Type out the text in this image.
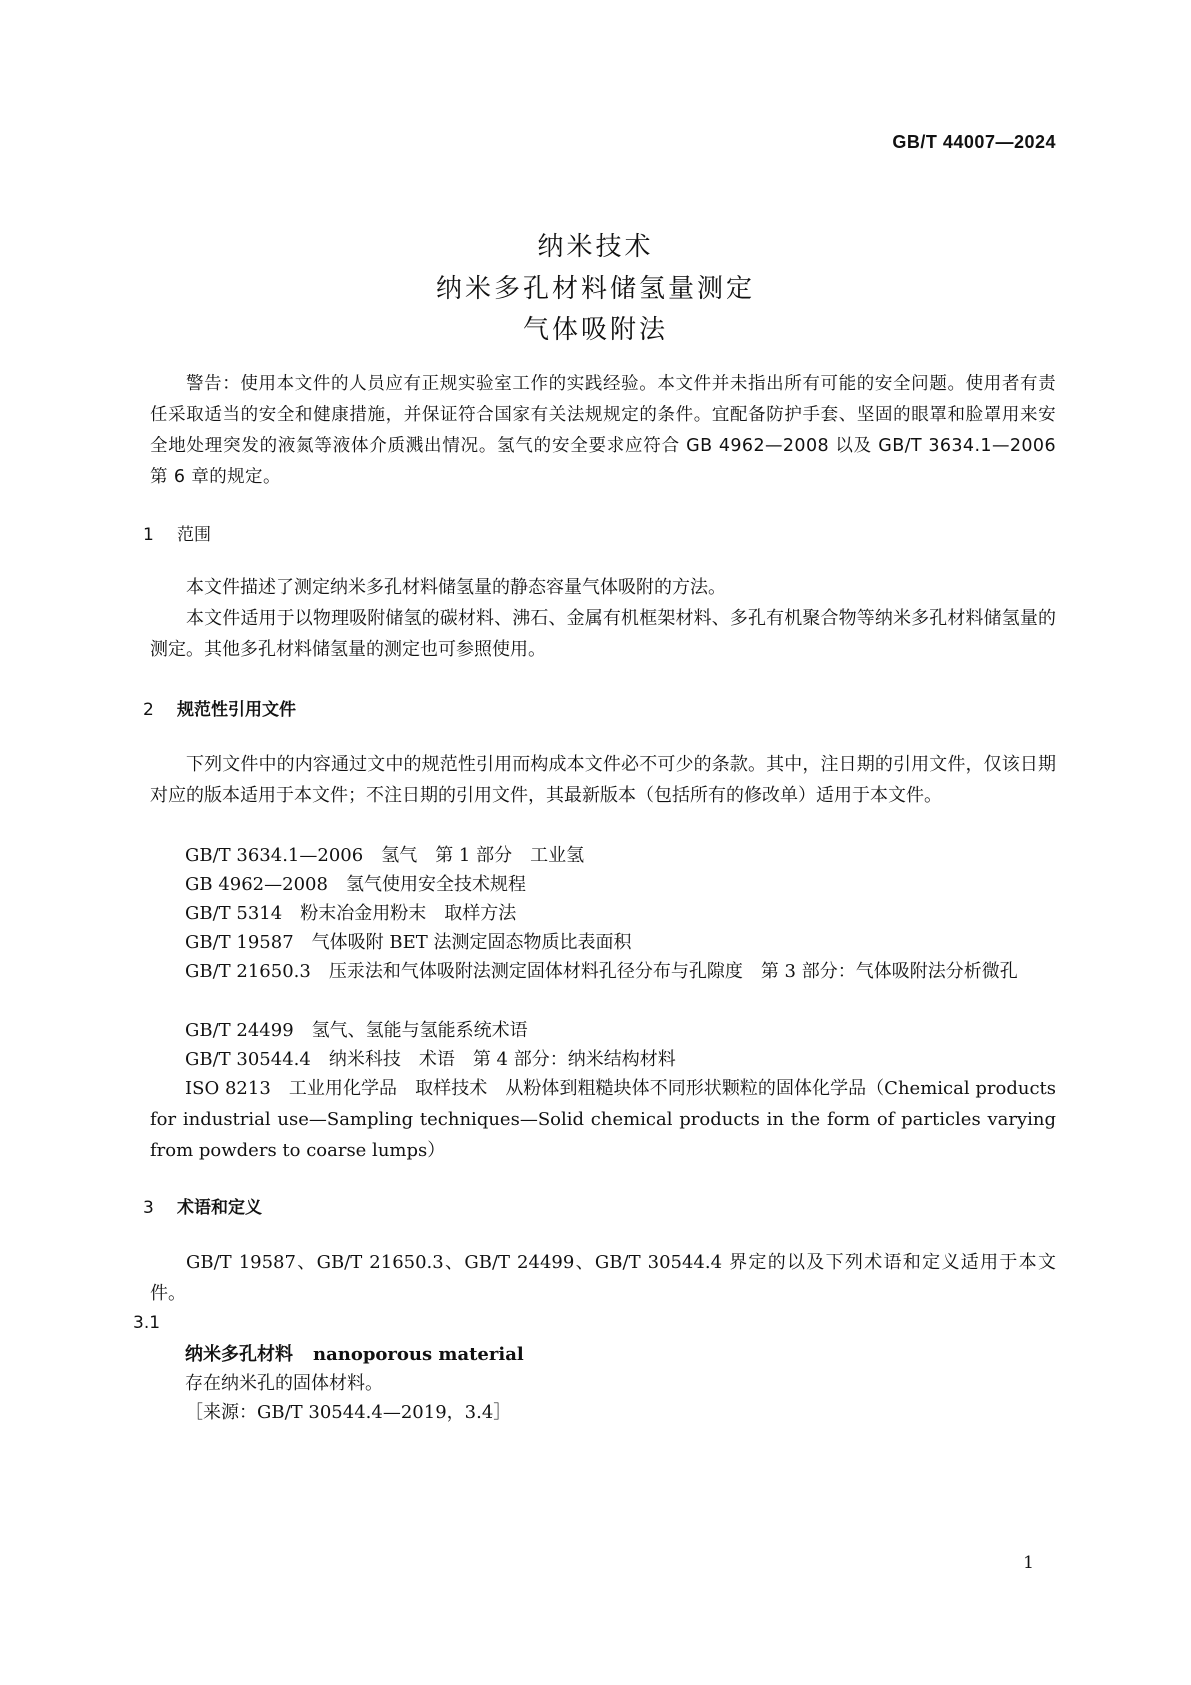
GB/T 44007—2024
纳米技术
纳米多孔材料储氢量测定
气体吸附法
警告：使用本文件的人员应有正规实验室工作的实践经验。本文件并未指出所有可能的安全问题。使用者有责任采取适当的安全和健康措施，并保证符合国家有关法规规定的条件。宜配备防护手套、坚固的眼罩和脸罩用来安全地处理突发的液氮等液体介质溅出情况。氢气的安全要求应符合 GB 4962—2008 以及 GB/T 3634.1—2006 第 6 章的规定。
1 范围
本文件描述了测定纳米多孔材料储氢量的静态容量气体吸附的方法。
本文件适用于以物理吸附储氢的碳材料、沸石、金属有机框架材料、多孔有机聚合物等纳米多孔材料储氢量的测定。其他多孔材料储氢量的测定也可参照使用。
2 规范性引用文件
下列文件中的内容通过文中的规范性引用而构成本文件必不可少的条款。其中，注日期的引用文件，仅该日期对应的版本适用于本文件；不注日期的引用文件，其最新版本（包括所有的修改单）适用于本文件。
GB/T 3634.1—2006　氢气　第 1 部分　工业氢
GB 4962—2008　氢气使用安全技术规程
GB/T 5314　粉末冶金用粉末　取样方法
GB/T 19587　气体吸附 BET 法测定固态物质比表面积
GB/T 21650.3　压汞法和气体吸附法测定固体材料孔径分布与孔隙度　第 3 部分：气体吸附法分析微孔
GB/T 24499　氢气、氢能与氢能系统术语
GB/T 30544.4　纳米科技　术语　第 4 部分：纳米结构材料
ISO 8213　工业用化学品　取样技术　从粉体到粗糙块体不同形状颗粒的固体化学品（Chemical products for industrial use—Sampling techniques—Solid chemical products in the form of particles varying from powders to coarse lumps）
3 术语和定义
GB/T 19587、GB/T 21650.3、GB/T 24499、GB/T 30544.4 界定的以及下列术语和定义适用于本文件。
3.1
纳米多孔材料 nanoporous material
存在纳米孔的固体材料。
［来源：GB/T 30544.4—2019，3.4］
1
